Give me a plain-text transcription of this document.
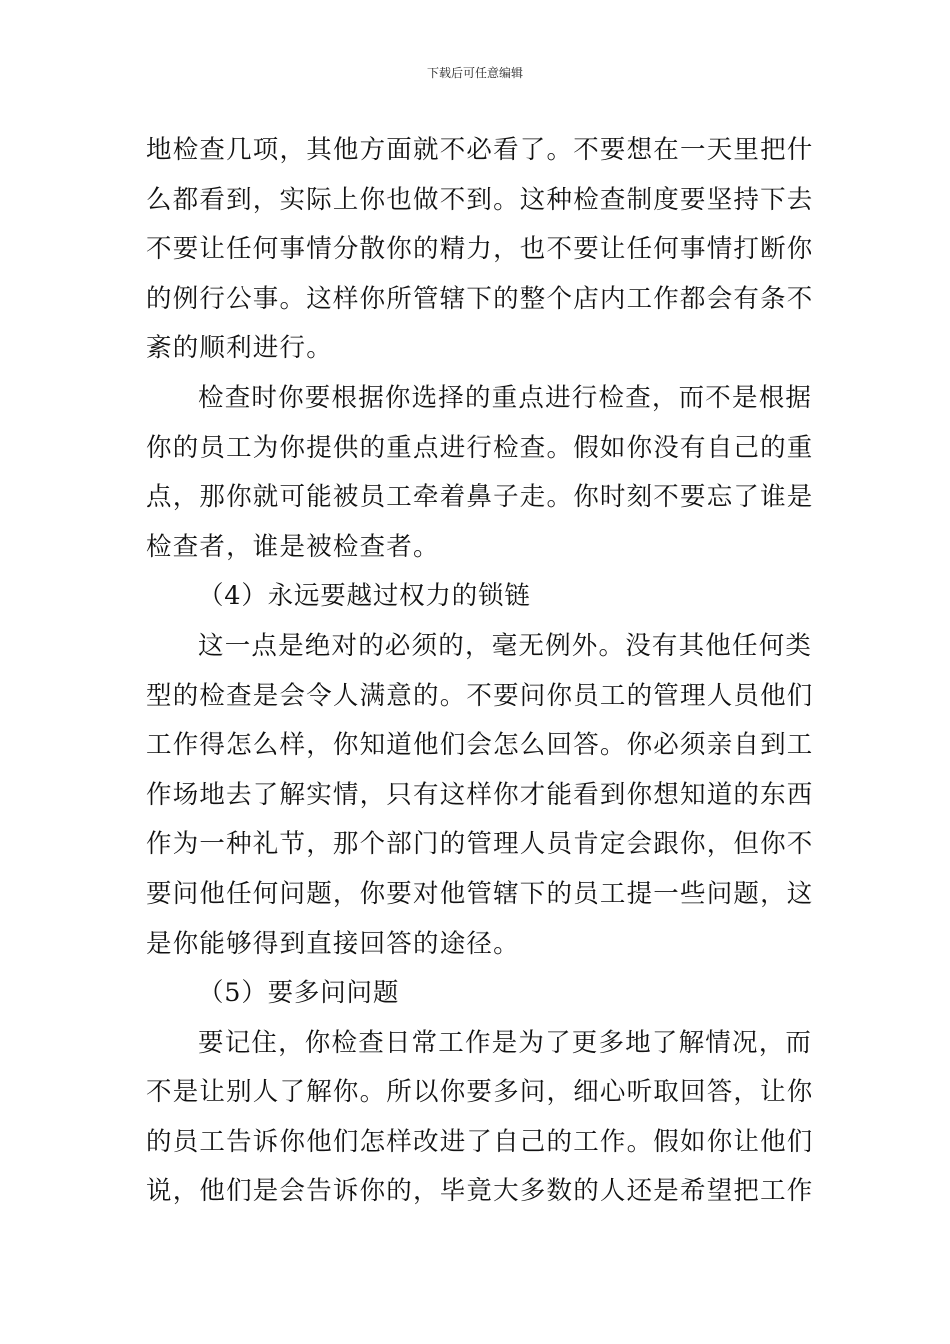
下载后可任意编辑
地检查几项，其他方面就不必看了。不要想在一天里把什
么都看到，实际上你也做不到。这种检查制度要坚持下去
不要让任何事情分散你的精力，也不要让任何事情打断你
的例行公事。这样你所管辖下的整个店内工作都会有条不
紊的顺利进行。
检查时你要根据你选择的重点进行检查，而不是根据
你的员工为你提供的重点进行检查。假如你没有自己的重
点，那你就可能被员工牵着鼻子走。你时刻不要忘了谁是
检查者，谁是被检查者。
（4）永远要越过权力的锁链
这一点是绝对的必须的，毫无例外。没有其他任何类
型的检查是会令人满意的。不要问你员工的管理人员他们
工作得怎么样，你知道他们会怎么回答。你必须亲自到工
作场地去了解实情，只有这样你才能看到你想知道的东西
作为一种礼节，那个部门的管理人员肯定会跟你，但你不
要问他任何问题，你要对他管辖下的员工提一些问题，这
是你能够得到直接回答的途径。
（5）要多问问题
要记住，你检查日常工作是为了更多地了解情况，而
不是让别人了解你。所以你要多问，细心听取回答，让你
的员工告诉你他们怎样改进了自己的工作。假如你让他们
说，他们是会告诉你的，毕竟大多数的人还是希望把工作
